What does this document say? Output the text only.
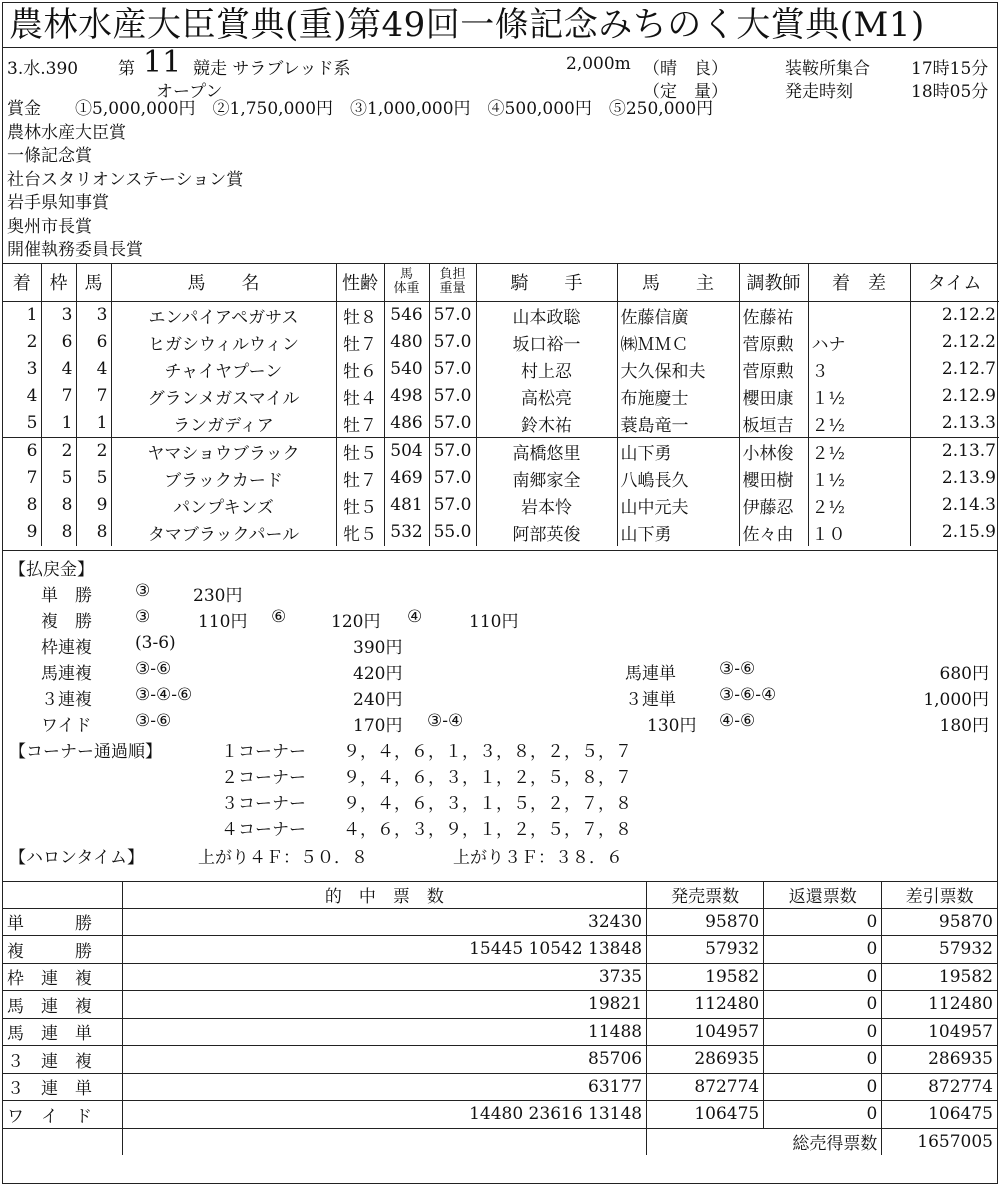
農林水産大臣賞典(重)第49回一條記念みちのく大賞典(M1)
3.水.390 第 11 競走 サラブレッド系
オープン
2,000m （晴　良）
（定　量）
装鞍所集合 17時15分
発走時刻	18時05分
賞金　　①5,000,000円　②1,750,000円　③1,000,000円　④500,000円　⑤250,000円
農林水産大臣賞
一條記念賞
社台スタリオンステーション賞
岩手県知事賞
奥州市長賞
開催執務委員長賞
着	枠	馬	馬　　名	性齢	馬
体重	負担
重量	騎　　手	馬　　主	調教師	着　差	タイム
1	3	3	エンパイアペガサス	牡８	546	57.0	山本政聡	佐藤信廣	佐藤祐		2.12.2
2	6	6	ヒガシウィルウィン	牡７	480	57.0	坂口裕一	㈱ＭＭＣ	菅原勲	ハナ	2.12.2
3	4	4	チャイヤプーン	牡６	540	57.0	村上忍	大久保和夫	菅原勲	３	2.12.7
4	7	7	グランメガスマイル	牡４	498	57.0	高松亮	布施慶士	櫻田康	１½	2.12.9
5	1	1	ランガディア	牡７	486	57.0	鈴木祐	蓑島竜一	板垣吉	２½	2.13.3
6	2	2	ヤマショウブラック	牡５	504	57.0	高橋悠里	山下勇	小林俊	２½	2.13.7
7	5	5	ブラックカード	牡７	469	57.0	南郷家全	八嶋長久	櫻田樹	１½	2.13.9
8	8	9	パンプキンズ	牡５	481	57.0	岩本怜	山中元夫	伊藤忍	２½	2.14.3
9	8	8	タマブラックパール	牝５	532	55.0	阿部英俊	山下勇	佐々由	１０	2.15.9
【払戻金】
単　勝	③	230円
複　勝	③	110円 ⑥	120円 ④	110円
枠連複	(3-6)	390円
馬連複	③-⑥	420円	馬連単	③-⑥	680円
３連複	③-④-⑥	240円	３連単	③-⑥-④	1,000円
ワイド	③-⑥	170円 ③-④	130円 ④-⑥	180円
【コーナー通過順】	１コーナー ９，４，６，１，３，８，２，５，７
２コーナー ９，４，６，３，１，２，５，８，７
３コーナー ９，４，６，３，１，５，２，７，８
４コーナー ４，６，３，９，１，２，５，７，８
【ハロンタイム】	上がり４Ｆ：５０．８	上がり３Ｆ：３８．６
	的　中　票　数	発売票数	返還票数	差引票数
単　　　勝	32430	95870	0	95870
複　　　勝	15445 10542 13848	57932	0	57932
枠　連　複	3735	19582	0	19582
馬　連　複	19821	112480	0	112480
馬　連　単	11488	104957	0	104957
３　連　複	85706	286935	0	286935
３　連　単	63177	872774	0	872774
ワ　イ　ド	14480 23616 13148	106475	0	106475
		総売得票数		1657005
